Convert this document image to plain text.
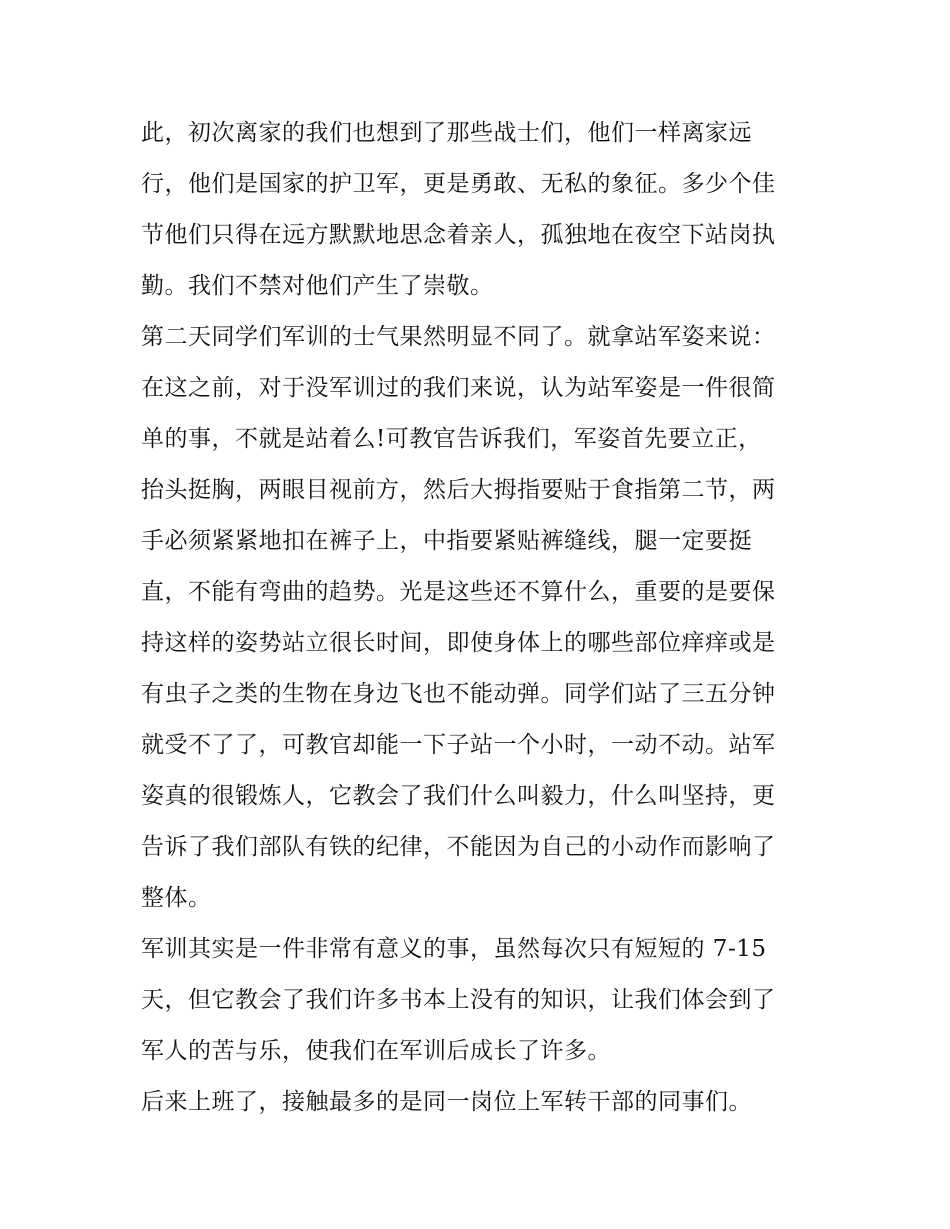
此，初次离家的我们也想到了那些战士们，他们一样离家远
行，他们是国家的护卫军，更是勇敢、无私的象征。多少个佳
节他们只得在远方默默地思念着亲人，孤独地在夜空下站岗执
勤。我们不禁对他们产生了崇敬。
第二天同学们军训的士气果然明显不同了。就拿站军姿来说：
在这之前，对于没军训过的我们来说，认为站军姿是一件很简
单的事，不就是站着么!可教官告诉我们，军姿首先要立正，
抬头挺胸，两眼目视前方，然后大拇指要贴于食指第二节，两
手必须紧紧地扣在裤子上，中指要紧贴裤缝线，腿一定要挺
直，不能有弯曲的趋势。光是这些还不算什么，重要的是要保
持这样的姿势站立很长时间，即使身体上的哪些部位痒痒或是
有虫子之类的生物在身边飞也不能动弹。同学们站了三五分钟
就受不了了，可教官却能一下子站一个小时，一动不动。站军
姿真的很锻炼人，它教会了我们什么叫毅力，什么叫坚持，更
告诉了我们部队有铁的纪律，不能因为自己的小动作而影响了
整体。
军训其实是一件非常有意义的事，虽然每次只有短短的 7-15
天，但它教会了我们许多书本上没有的知识，让我们体会到了
军人的苦与乐，使我们在军训后成长了许多。
后来上班了，接触最多的是同一岗位上军转干部的同事们。
